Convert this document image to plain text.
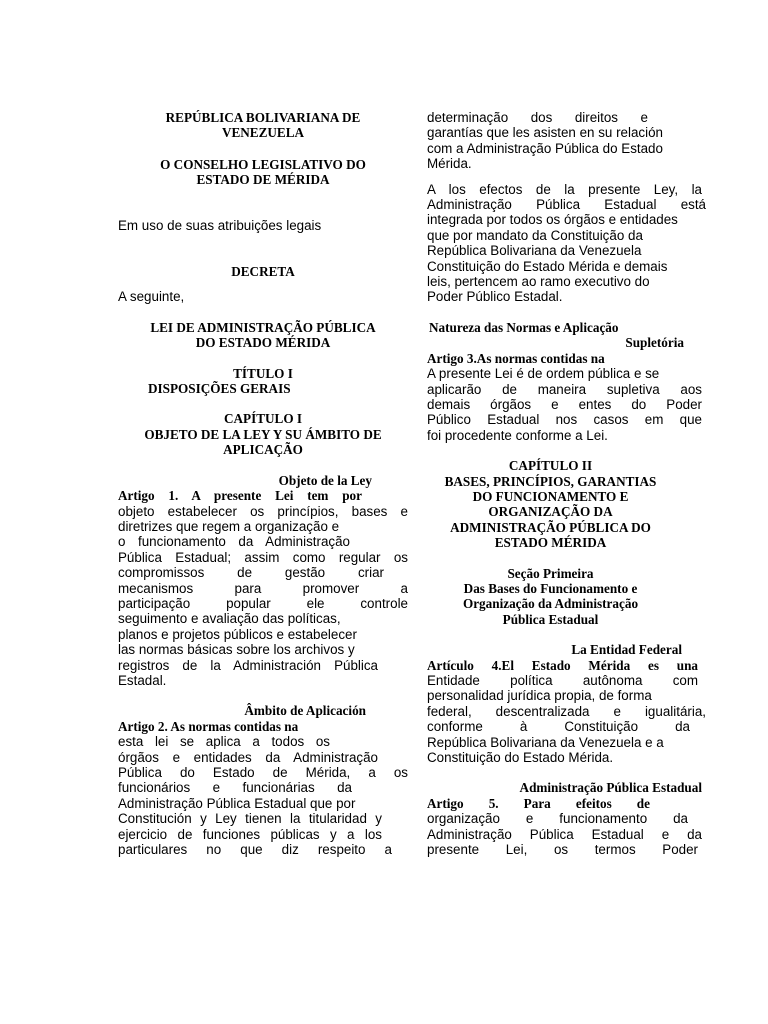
REPÚBLICA BOLIVARIANA DE
VENEZUELA
O CONSELHO LEGISLATIVO DO
ESTADO DE MÉRIDA
Em uso de suas atribuições legais
DECRETA
A seguinte,
LEI DE ADMINISTRAÇÃO PÚBLICA
DO ESTADO MÉRIDA
TÍTULO I
DISPOSIÇÕES GERAIS
CAPÍTULO I
OBJETO DE LA LEY Y SU ÁMBITO DE
APLICAÇÃO
Objeto de la Ley
Artigo 1. A presente Lei tem por
objeto estabelecer os princípios, bases e
diretrizes que regem a organização e
o funcionamento da Administração
Pública Estadual; assim como regular os
compromissos de gestão criar
mecanismos para promover a
participação popular ele controle
seguimento e avaliação das políticas,
planos e projetos públicos e estabelecer
las normas básicas sobre los archivos y
registros de la Administración Pública
Estadal.
Âmbito de Aplicación
Artigo 2. As normas contidas na
esta lei se aplica a todos os
órgãos e entidades da Administração
Pública do Estado de Mérida, a os
funcionários e funcionárias da
Administração Pública Estadual que por
Constitución y Ley tienen la titularidad y
ejercicio de funciones públicas y a los
particulares no que diz respeito a
determinação dos direitos e
garantías que les asisten en su relación
com a Administração Pública do Estado
Mérida.
A los efectos de la presente Ley, la
Administração Pública Estadual está
integrada por todos os órgãos e entidades
que por mandato da Constituição da
República Bolivariana da Venezuela
Constituição do Estado Mérida e demais
leis, pertencem ao ramo executivo do
Poder Público Estadal.
Natureza das Normas e Aplicação
Supletória
Artigo 3.As normas contidas na
A presente Lei é de ordem pública e se
aplicarão de maneira supletiva aos
demais órgãos e entes do Poder
Público Estadual nos casos em que
foi procedente conforme a Lei.
CAPÍTULO II
BASES, PRINCÍPIOS, GARANTIAS
DO FUNCIONAMENTO E
ORGANIZAÇÃO DA
ADMINISTRAÇÃO PÚBLICA DO
ESTADO MÉRIDA
Seção Primeira
Das Bases do Funcionamento e
Organização da Administração
Pública Estadual
La Entidad Federal
Artículo 4.El Estado Mérida es una
Entidade política autônoma com
personalidad jurídica propia, de forma
federal, descentralizada e igualitária,
conforme à Constituição da
República Bolivariana da Venezuela e a
Constituição do Estado Mérida.
Administração Pública Estadual
Artigo 5. Para efeitos de
organização e funcionamento da
Administração Pública Estadual e da
presente Lei, os termos Poder
